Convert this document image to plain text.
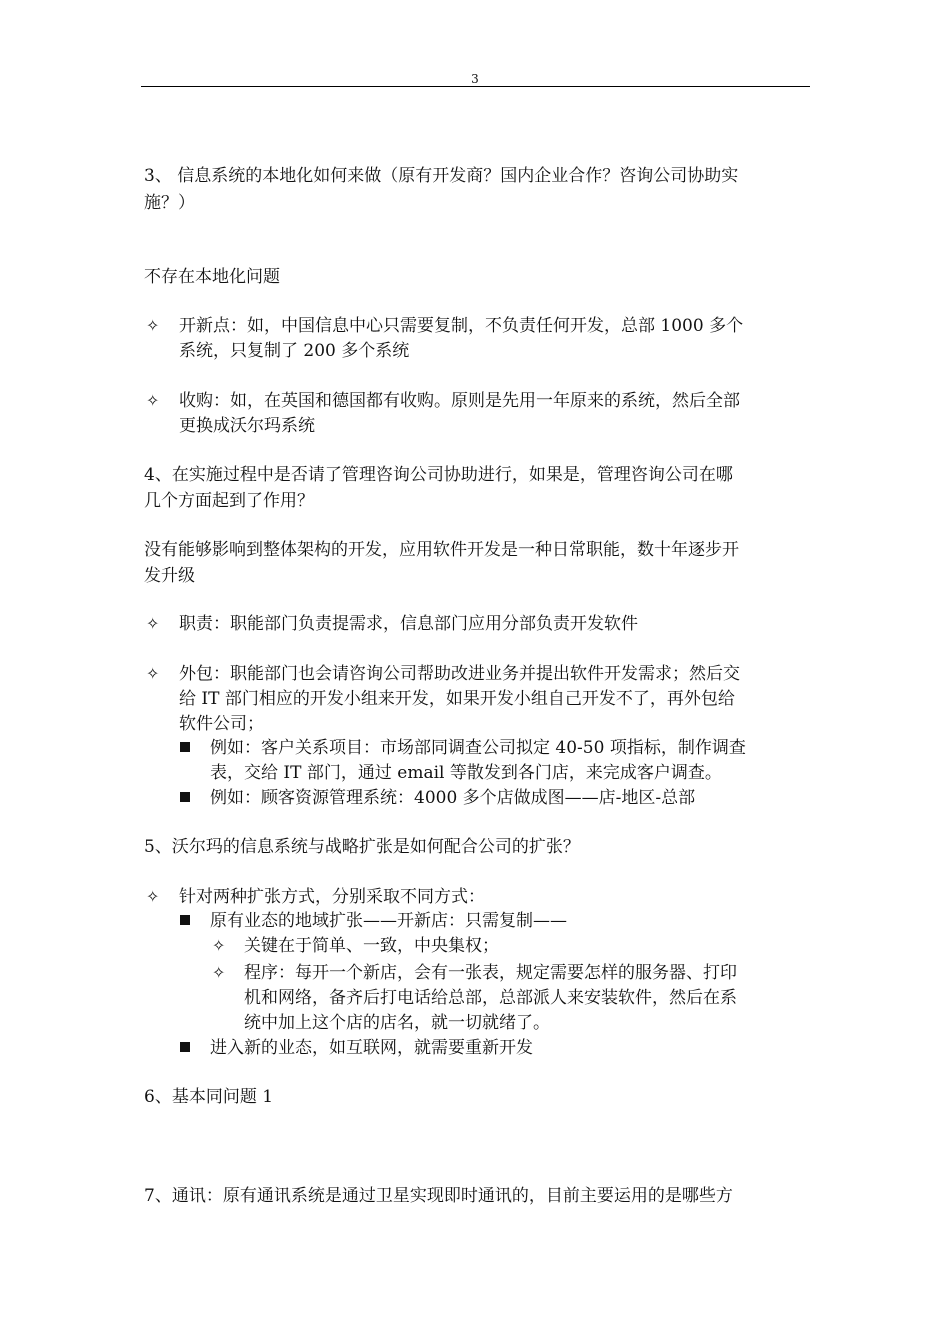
3
3、 信息系统的本地化如何来做（原有开发商？国内企业合作？咨询公司协助实
施？）
不存在本地化问题
✧ 开新点：如，中国信息中心只需要复制，不负责任何开发，总部 1000 多个
系统，只复制了 200 多个系统
✧ 收购：如，在英国和德国都有收购。原则是先用一年原来的系统，然后全部
更换成沃尔玛系统
4、在实施过程中是否请了管理咨询公司协助进行，如果是，管理咨询公司在哪
几个方面起到了作用？
没有能够影响到整体架构的开发，应用软件开发是一种日常职能，数十年逐步开
发升级
✧ 职责：职能部门负责提需求，信息部门应用分部负责开发软件
✧ 外包：职能部门也会请咨询公司帮助改进业务并提出软件开发需求；然后交
给 IT 部门相应的开发小组来开发，如果开发小组自己开发不了，再外包给
软件公司；
例如：客户关系项目：市场部同调查公司拟定 40-50 项指标，制作调查
表，交给 IT 部门，通过 email 等散发到各门店，来完成客户调查。
例如：顾客资源管理系统：4000 多个店做成图——店-地区-总部
5、沃尔玛的信息系统与战略扩张是如何配合公司的扩张？
✧ 针对两种扩张方式，分别采取不同方式：
原有业态的地域扩张——开新店：只需复制——
✧ 关键在于简单、一致，中央集权；
✧ 程序：每开一个新店，会有一张表，规定需要怎样的服务器、打印
机和网络，备齐后打电话给总部，总部派人来安装软件，然后在系
统中加上这个店的店名，就一切就绪了。
进入新的业态，如互联网，就需要重新开发
6、基本同问题 1
7、通讯：原有通讯系统是通过卫星实现即时通讯的，目前主要运用的是哪些方
